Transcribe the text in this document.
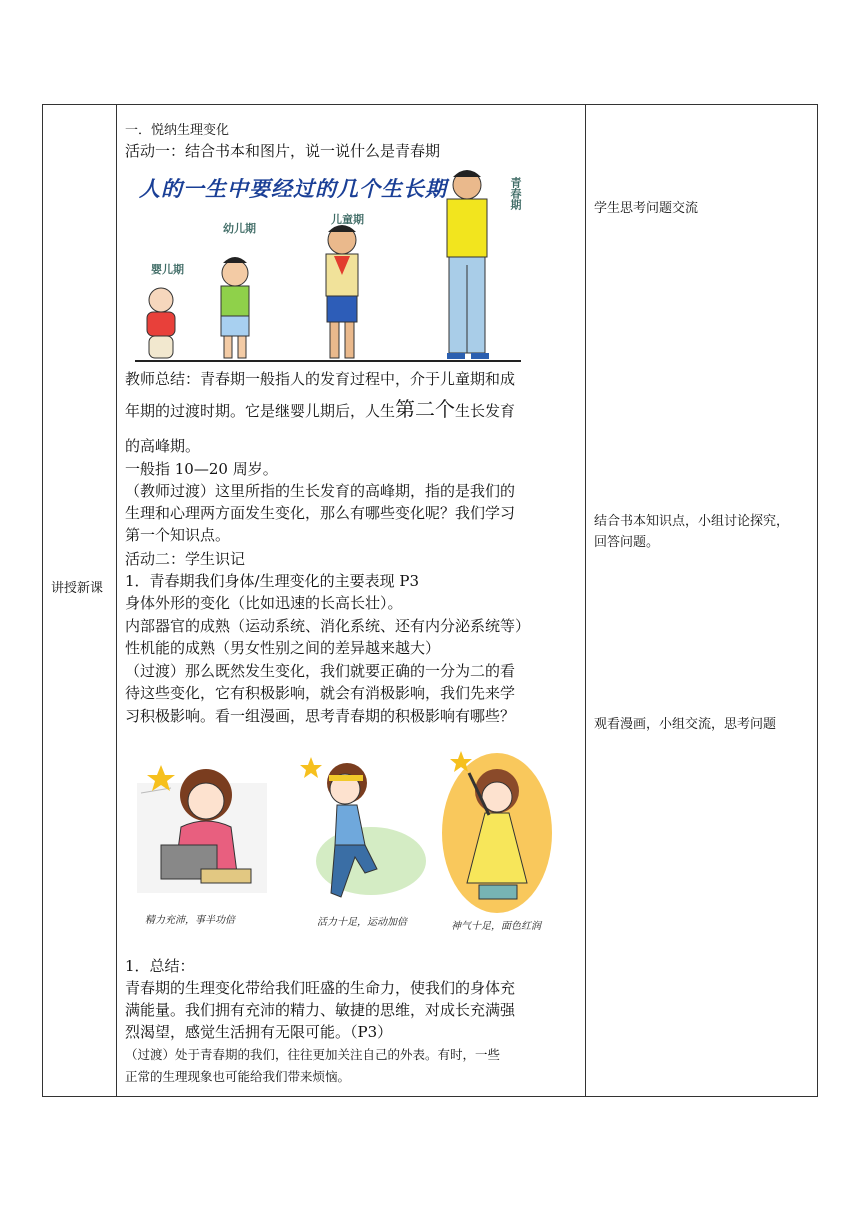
讲授新课
一．悦纳生理变化
活动一：结合书本和图片，说一说什么是青春期
人的一生中要经过的几个生长期
婴儿期
幼儿期
儿童期
青春期
教师总结：青春期一般指人的发育过程中，介于儿童期和成
年期的过渡时期。它是继婴儿期后，人生第二个生长发育
的高峰期。
一般指 10—20 周岁。
（教师过渡）这里所指的生长发育的高峰期，指的是我们的
生理和心理两方面发生变化，那么有哪些变化呢？我们学习
第一个知识点。
活动二：学生识记
1．青春期我们身体/生理变化的主要表现 P3
身体外形的变化（比如迅速的长高长壮）。
内部器官的成熟（运动系统、消化系统、还有内分泌系统等）
性机能的成熟（男女性别之间的差异越来越大）
（过渡）那么既然发生变化，我们就要正确的一分为二的看
待这些变化，它有积极影响，就会有消极影响，我们先来学
习积极影响。看一组漫画，思考青春期的积极影响有哪些？
精力充沛，事半功倍	活力十足，运动加倍	神气十足，面色红润
1．总结：
青春期的生理变化带给我们旺盛的生命力，使我们的身体充
满能量。我们拥有充沛的精力、敏捷的思维，对成长充满强
烈渴望，感觉生活拥有无限可能。（P3）
（过渡）处于青春期的我们，往往更加关注自己的外表。有时，一些
正常的生理现象也可能给我们带来烦恼。
学生思考问题交流
结合书本知识点，小组讨论探究，
回答问题。
观看漫画，小组交流，思考问题
